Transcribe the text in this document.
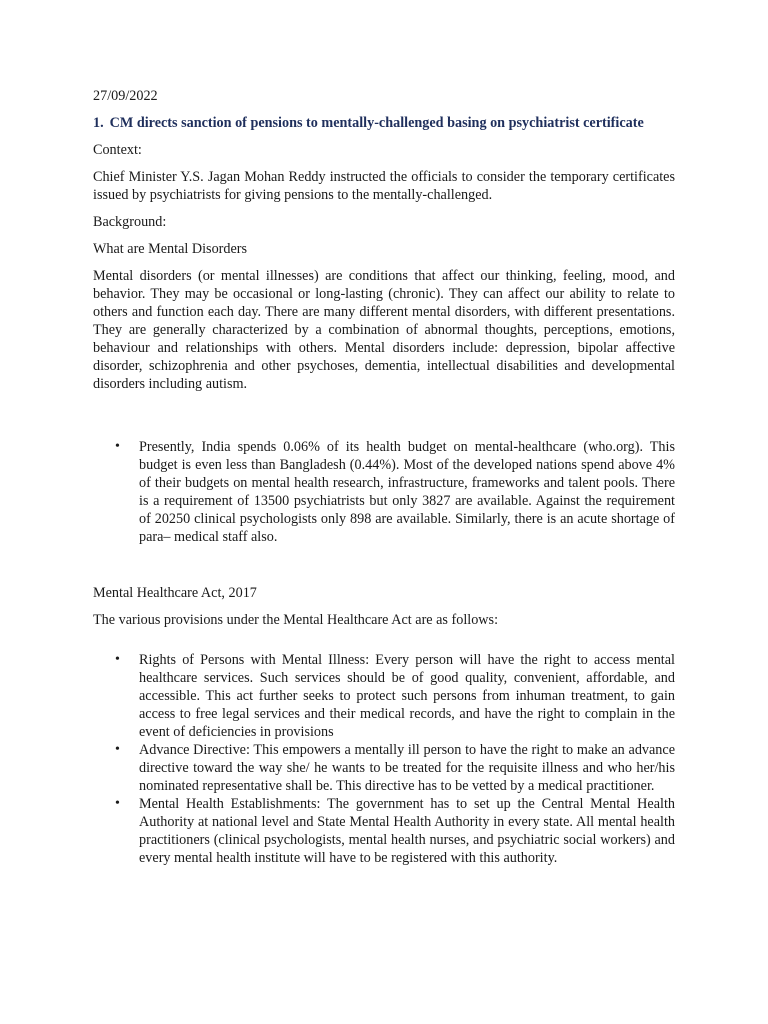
27/09/2022

1. CM directs sanction of pensions to mentally-challenged basing on psychiatrist certificate

Context:

Chief Minister Y.S. Jagan Mohan Reddy instructed the officials to consider the temporary certificates issued by psychiatrists for giving pensions to the mentally-challenged.

Background:

What are Mental Disorders

Mental disorders (or mental illnesses) are conditions that affect our thinking, feeling, mood, and behavior. They may be occasional or long-lasting (chronic). They can affect our ability to relate to others and function each day. There are many different mental disorders, with different presentations. They are generally characterized by a combination of abnormal thoughts, perceptions, emotions, behaviour and relationships with others. Mental disorders include: depression, bipolar affective disorder, schizophrenia and other psychoses, dementia, intellectual disabilities and developmental disorders including autism.

• Presently, India spends 0.06% of its health budget on mental-healthcare (who.org). This budget is even less than Bangladesh (0.44%). Most of the developed nations spend above 4% of their budgets on mental health research, infrastructure, frameworks and talent pools. There is a requirement of 13500 psychiatrists but only 3827 are available. Against the requirement of 20250 clinical psychologists only 898 are available. Similarly, there is an acute shortage of para– medical staff also.

Mental Healthcare Act, 2017

The various provisions under the Mental Healthcare Act are as follows:

• Rights of Persons with Mental Illness: Every person will have the right to access mental healthcare services. Such services should be of good quality, convenient, affordable, and accessible. This act further seeks to protect such persons from inhuman treatment, to gain access to free legal services and their medical records, and have the right to complain in the event of deficiencies in provisions
• Advance Directive: This empowers a mentally ill person to have the right to make an advance directive toward the way she/ he wants to be treated for the requisite illness and who her/his nominated representative shall be. This directive has to be vetted by a medical practitioner.
• Mental Health Establishments: The government has to set up the Central Mental Health Authority at national level and State Mental Health Authority in every state. All mental health practitioners (clinical psychologists, mental health nurses, and psychiatric social workers) and every mental health institute will have to be registered with this authority.
